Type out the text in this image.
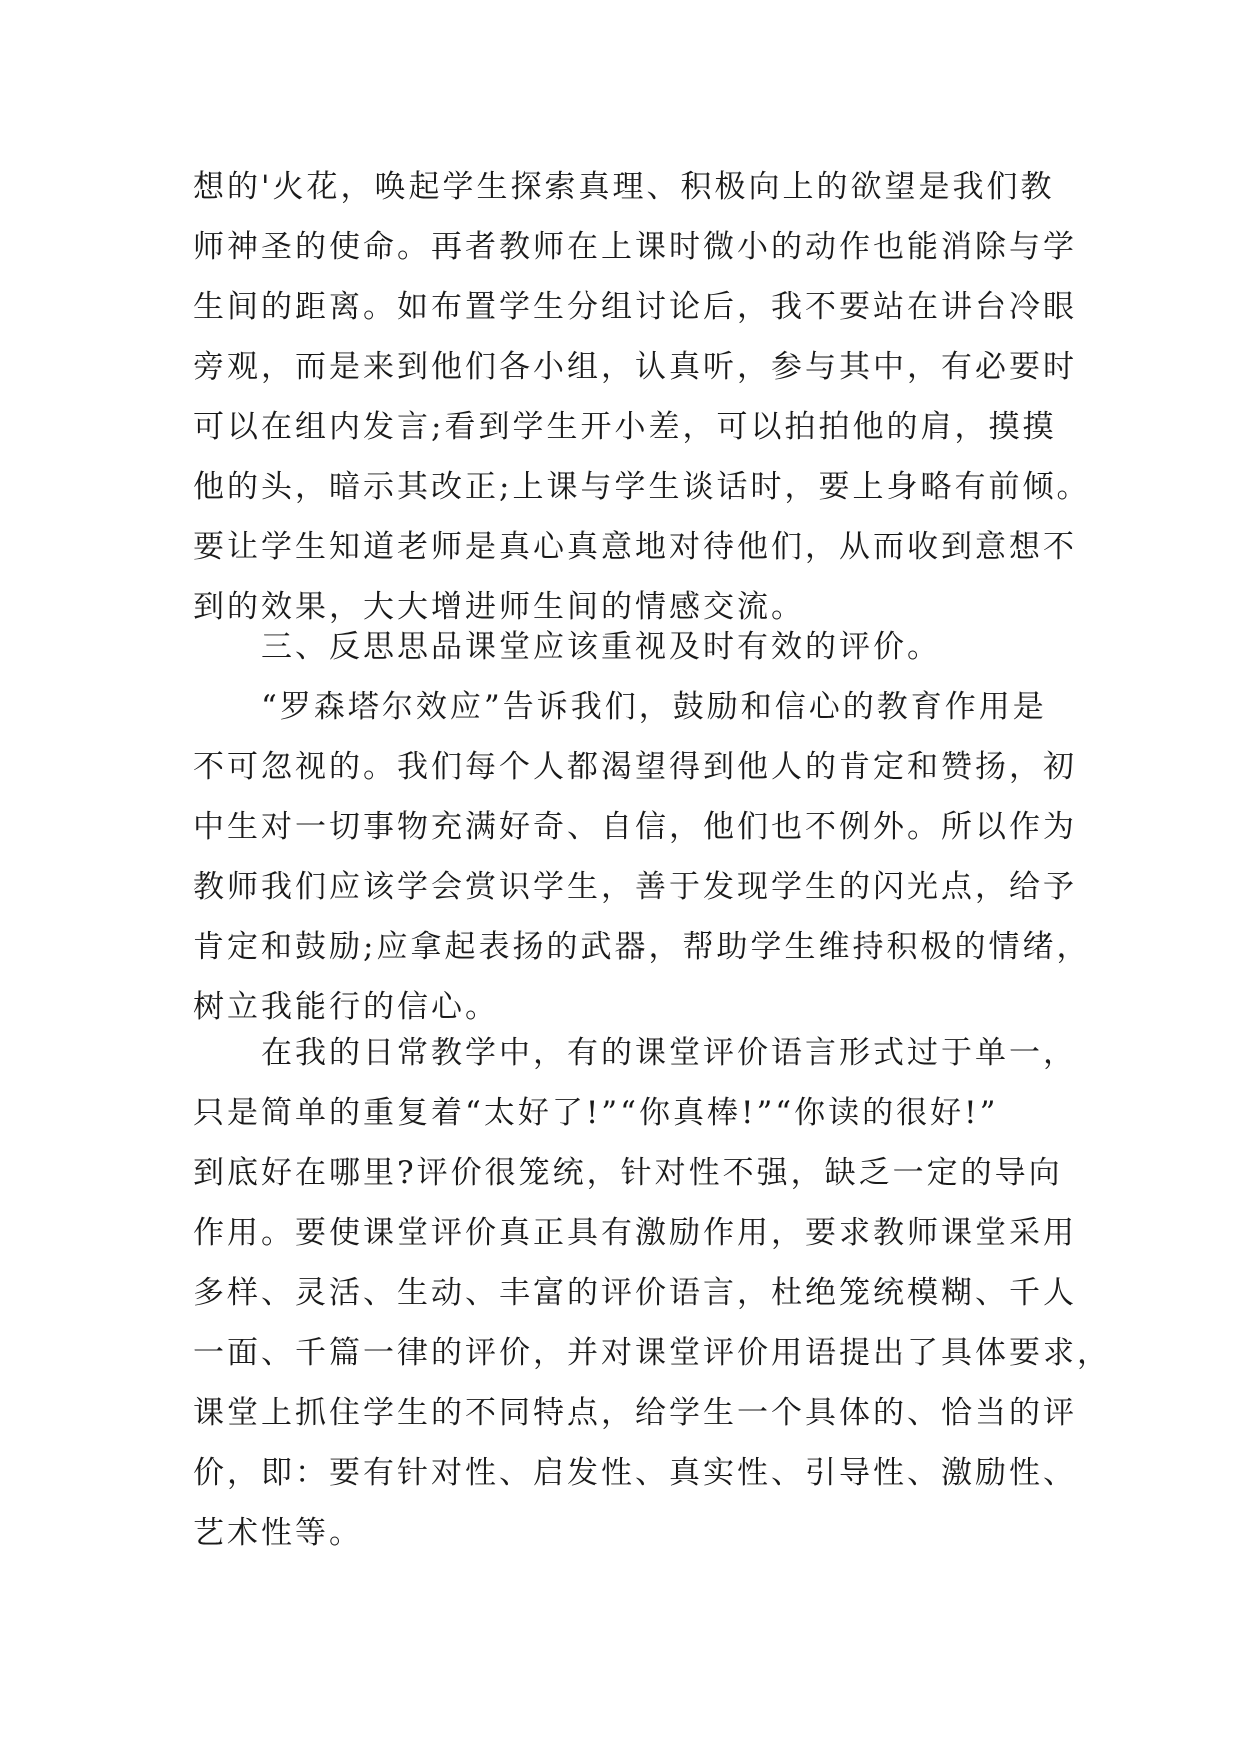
想的'火花，唤起学生探索真理、积极向上的欲望是我们教
师神圣的使命。再者教师在上课时微小的动作也能消除与学
生间的距离。如布置学生分组讨论后，我不要站在讲台冷眼
旁观，而是来到他们各小组，认真听，参与其中，有必要时
可以在组内发言;看到学生开小差，可以拍拍他的肩，摸摸
他的头，暗示其改正;上课与学生谈话时，要上身略有前倾。
要让学生知道老师是真心真意地对待他们，从而收到意想不
到的效果，大大增进师生间的情感交流。
　　三、反思思品课堂应该重视及时有效的评价。
　　“罗森塔尔效应”告诉我们，鼓励和信心的教育作用是
不可忽视的。我们每个人都渴望得到他人的肯定和赞扬，初
中生对一切事物充满好奇、自信，他们也不例外。所以作为
教师我们应该学会赏识学生，善于发现学生的闪光点，给予
肯定和鼓励;应拿起表扬的武器，帮助学生维持积极的情绪，
树立我能行的信心。
　　在我的日常教学中，有的课堂评价语言形式过于单一，
只是简单的重复着“太好了!”“你真棒!”“你读的很好!”
到底好在哪里?评价很笼统，针对性不强，缺乏一定的导向
作用。要使课堂评价真正具有激励作用，要求教师课堂采用
多样、灵活、生动、丰富的评价语言，杜绝笼统模糊、千人
一面、千篇一律的评价，并对课堂评价用语提出了具体要求，
课堂上抓住学生的不同特点，给学生一个具体的、恰当的评
价，即：要有针对性、启发性、真实性、引导性、激励性、
艺术性等。
